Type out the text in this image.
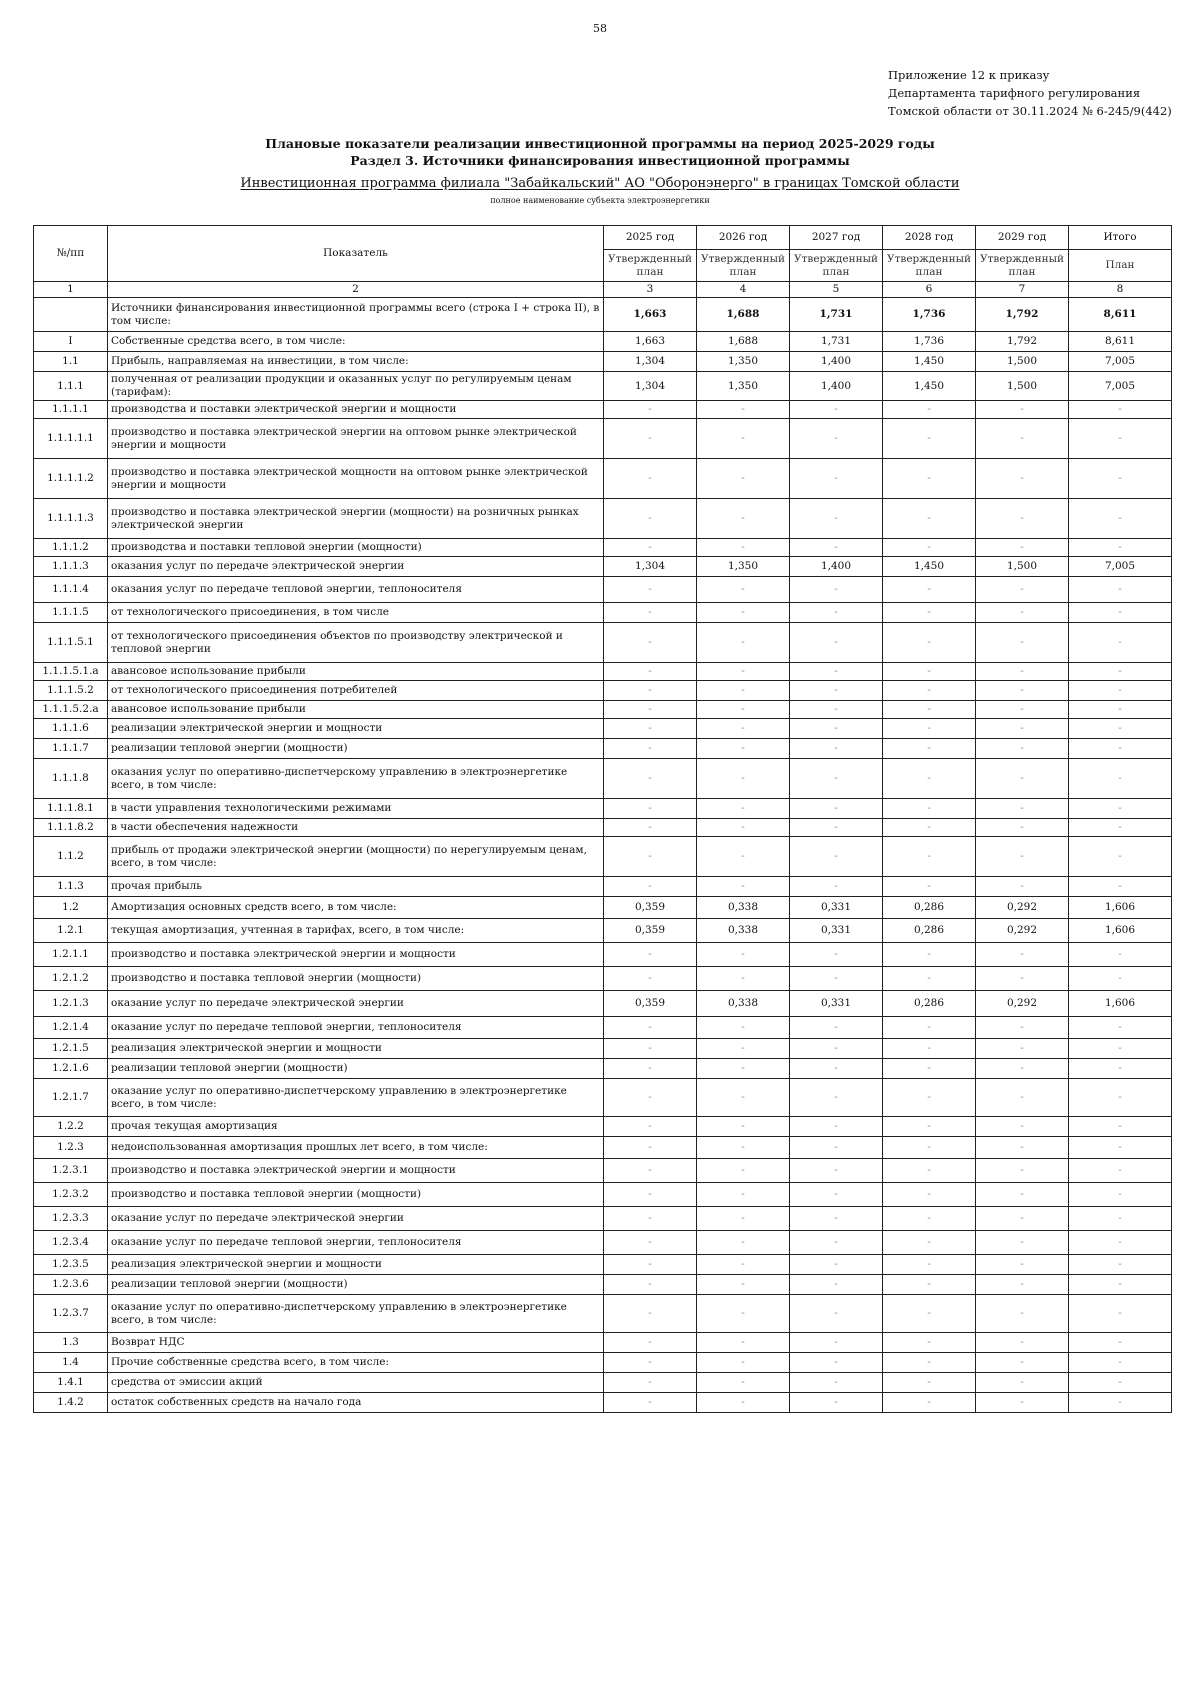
58
Приложение 12 к приказу
Департамента тарифного регулирования
Томской области от 30.11.2024 № 6-245/9(442)
Плановые показатели реализации инвестиционной программы на период 2025-2029 годы
Раздел 3. Источники финансирования инвестиционной программы
Инвестиционная программа филиала "Забайкальский" АО "Оборонэнерго" в границах Томской области
полное наименование субъекта электроэнергетики
№/пп	Показатель	2025 год	2026 год	2027 год	2028 год	2029 год	Итого
		Утвержденный план	Утвержденный план	Утвержденный план	Утвержденный план	Утвержденный план	План
1	2	3	4	5	6	7	8
	Источники финансирования инвестиционной программы всего (строка I + строка II), в том числе:	1,663	1,688	1,731	1,736	1,792	8,611
I	Собственные средства всего, в том числе:	1,663	1,688	1,731	1,736	1,792	8,611
1.1	Прибыль, направляемая на инвестиции, в том числе:	1,304	1,350	1,400	1,450	1,500	7,005
1.1.1	полученная от реализации продукции и оказанных услуг по регулируемым ценам (тарифам):	1,304	1,350	1,400	1,450	1,500	7,005
1.1.1.1	производства и поставки электрической энергии и мощности	-	-	-	-	-	-
1.1.1.1.1	производство и поставка электрической энергии на оптовом рынке электрической энергии и мощности	-	-	-	-	-	-
1.1.1.1.2	производство и поставка электрической мощности на оптовом рынке электрической энергии и мощности	-	-	-	-	-	-
1.1.1.1.3	производство и поставка электрической энергии (мощности) на розничных рынках электрической энергии	-	-	-	-	-	-
1.1.1.2	производства и поставки тепловой энергии (мощности)	-	-	-	-	-	-
1.1.1.3	оказания услуг по передаче электрической энергии	1,304	1,350	1,400	1,450	1,500	7,005
1.1.1.4	оказания услуг по передаче тепловой энергии, теплоносителя	-	-	-	-	-	-
1.1.1.5	от технологического присоединения, в том числе	-	-	-	-	-	-
1.1.1.5.1	от технологического присоединения объектов по производству электрической и тепловой энергии	-	-	-	-	-	-
1.1.1.5.1.a	авансовое использование прибыли	-	-	-	-	-	-
1.1.1.5.2	от технологического присоединения потребителей	-	-	-	-	-	-
1.1.1.5.2.a	авансовое использование прибыли	-	-	-	-	-	-
1.1.1.6	реализации электрической энергии и мощности	-	-	-	-	-	-
1.1.1.7	реализации тепловой энергии (мощности)	-	-	-	-	-	-
1.1.1.8	оказания услуг по оперативно-диспетчерскому управлению в электроэнергетике всего, в том числе:	-	-	-	-	-	-
1.1.1.8.1	в части управления технологическими режимами	-	-	-	-	-	-
1.1.1.8.2	в части обеспечения надежности	-	-	-	-	-	-
1.1.2	прибыль от продажи электрической энергии (мощности) по нерегулируемым ценам, всего, в том числе:	-	-	-	-	-	-
1.1.3	прочая прибыль	-	-	-	-	-	-
1.2	Амортизация основных средств всего, в том числе:	0,359	0,338	0,331	0,286	0,292	1,606
1.2.1	текущая амортизация, учтенная в тарифах, всего, в том числе:	0,359	0,338	0,331	0,286	0,292	1,606
1.2.1.1	производство и поставка электрической энергии и мощности	-	-	-	-	-	-
1.2.1.2	производство и поставка тепловой энергии (мощности)	-	-	-	-	-	-
1.2.1.3	оказание услуг по передаче электрической энергии	0,359	0,338	0,331	0,286	0,292	1,606
1.2.1.4	оказание услуг по передаче тепловой энергии, теплоносителя	-	-	-	-	-	-
1.2.1.5	реализация электрической энергии и мощности	-	-	-	-	-	-
1.2.1.6	реализации тепловой энергии (мощности)	-	-	-	-	-	-
1.2.1.7	оказание услуг по оперативно-диспетчерскому управлению в электроэнергетике всего, в том числе:	-	-	-	-	-	-
1.2.2	прочая текущая амортизация	-	-	-	-	-	-
1.2.3	недоиспользованная амортизация прошлых лет всего, в том числе:	-	-	-	-	-	-
1.2.3.1	производство и поставка электрической энергии и мощности	-	-	-	-	-	-
1.2.3.2	производство и поставка тепловой энергии (мощности)	-	-	-	-	-	-
1.2.3.3	оказание услуг по передаче электрической энергии	-	-	-	-	-	-
1.2.3.4	оказание услуг по передаче тепловой энергии, теплоносителя	-	-	-	-	-	-
1.2.3.5	реализация электрической энергии и мощности	-	-	-	-	-	-
1.2.3.6	реализации тепловой энергии (мощности)	-	-	-	-	-	-
1.2.3.7	оказание услуг по оперативно-диспетчерскому управлению в электроэнергетике всего, в том числе:	-	-	-	-	-	-
1.3	Возврат НДС	-	-	-	-	-	-
1.4	Прочие собственные средства всего, в том числе:	-	-	-	-	-	-
1.4.1	средства от эмиссии акций	-	-	-	-	-	-
1.4.2	остаток собственных средств на начало года	-	-	-	-	-	-
